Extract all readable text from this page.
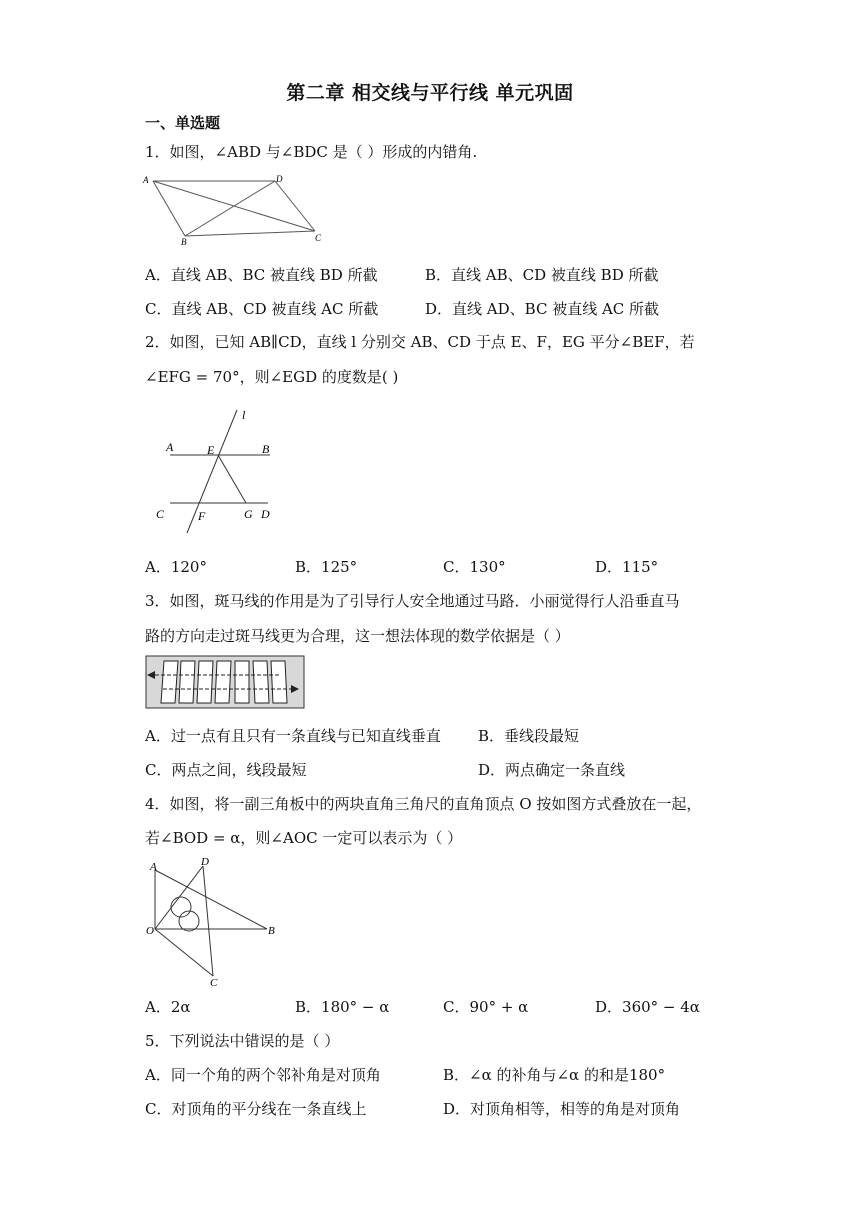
第二章 相交线与平行线 单元巩固
一、单选题
1．如图，∠ABD 与∠BDC 是（ ）形成的内错角.
A	D
B	C
A．直线 AB、BC 被直线 BD 所截	B．直线 AB、CD 被直线 BD 所截
C．直线 AB、CD 被直线 AC 所截	D．直线 AD、BC 被直线 AC 所截
2．如图，已知 AB∥CD，直线 l 分别交 AB、CD 于点 E、F，EG 平分∠BEF，若
∠EFG = 70°，则∠EGD 的度数是( )
l
A	E	B
C	F	G D
A．120°	B．125°	C．130°	D．115°
3．如图，斑马线的作用是为了引导行人安全地通过马路．小丽觉得行人沿垂直马
路的方向走过斑马线更为合理，这一想法体现的数学依据是（ ）
A．过一点有且只有一条直线与已知直线垂直 B．垂线段最短
C．两点之间，线段最短	D．两点确定一条直线
4．如图，将一副三角板中的两块直角三角尺的直角顶点 O 按如图方式叠放在一起，
若∠BOD = α，则∠AOC 一定可以表示为（ ）
A	D
O	B
C
A．2α	B．180° − α	C．90° + α	D．360° − 4α
5．下列说法中错误的是（ ）
A．同一个角的两个邻补角是对顶角	B．∠α 的补角与∠α 的和是180°
C．对顶角的平分线在一条直线上	D．对顶角相等，相等的角是对顶角
